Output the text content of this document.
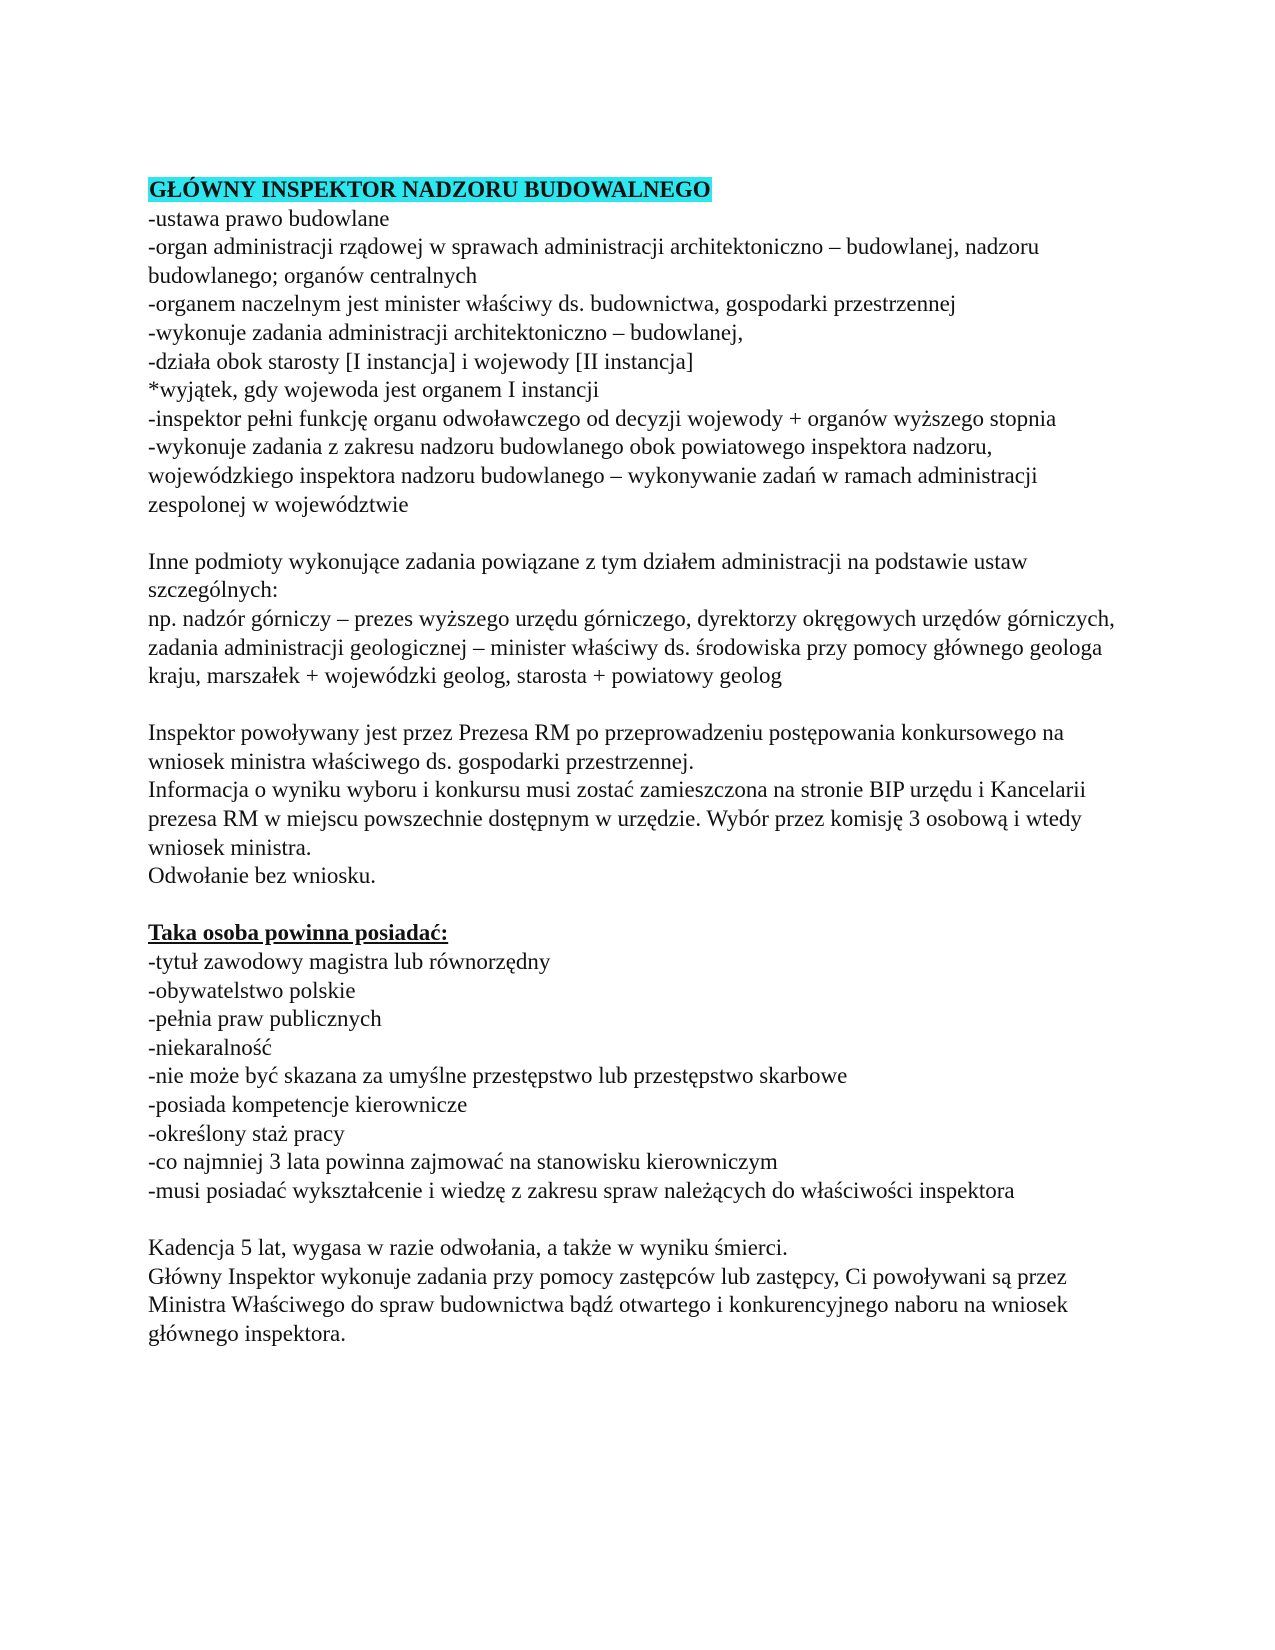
GŁÓWNY INSPEKTOR NADZORU BUDOWALNEGO
-ustawa prawo budowlane
-organ administracji rządowej w sprawach administracji architektoniczno – budowlanej, nadzoru budowlanego; organów centralnych
-organem naczelnym jest minister właściwy ds. budownictwa, gospodarki przestrzennej
-wykonuje zadania administracji architektoniczno – budowlanej,
-działa obok starosty [I instancja] i wojewody [II instancja]
*wyjątek, gdy wojewoda jest organem I instancji
-inspektor pełni funkcję organu odwoławczego od decyzji wojewody + organów wyższego stopnia
-wykonuje zadania z zakresu nadzoru budowlanego obok powiatowego inspektora nadzoru, wojewódzkiego inspektora nadzoru budowlanego – wykonywanie zadań w ramach administracji zespolonej w województwie
Inne podmioty wykonujące zadania powiązane z tym działem administracji na podstawie ustaw szczególnych:
np. nadzór górniczy – prezes wyższego urzędu górniczego, dyrektorzy okręgowych urzędów górniczych,
zadania administracji geologicznej – minister właściwy ds. środowiska przy pomocy głównego geologa kraju, marszałek + wojewódzki geolog, starosta + powiatowy geolog
Inspektor powoływany jest przez Prezesa RM po przeprowadzeniu postępowania konkursowego na wniosek ministra właściwego ds. gospodarki przestrzennej.
Informacja o wyniku wyboru i konkursu musi zostać zamieszczona na stronie BIP urzędu i Kancelarii prezesa RM w miejscu powszechnie dostępnym w urzędzie. Wybór przez komisję 3 osobową i wtedy wniosek ministra.
Odwołanie bez wniosku.
Taka osoba powinna posiadać:
-tytuł zawodowy magistra lub równorzędny
-obywatelstwo polskie
-pełnia praw publicznych
-niekaralność
-nie może być skazana za umyślne przestępstwo lub przestępstwo skarbowe
-posiada kompetencje kierownicze
-określony staż pracy
-co najmniej 3 lata powinna zajmować na stanowisku kierowniczym
-musi posiadać wykształcenie i wiedzę z zakresu spraw należących do właściwości inspektora
Kadencja 5 lat, wygasa w razie odwołania, a także w wyniku śmierci.
Główny Inspektor wykonuje zadania przy pomocy zastępców lub zastępcy, Ci powoływani są przez Ministra Właściwego do spraw budownictwa bądź otwartego i konkurencyjnego naboru na wniosek głównego inspektora.
